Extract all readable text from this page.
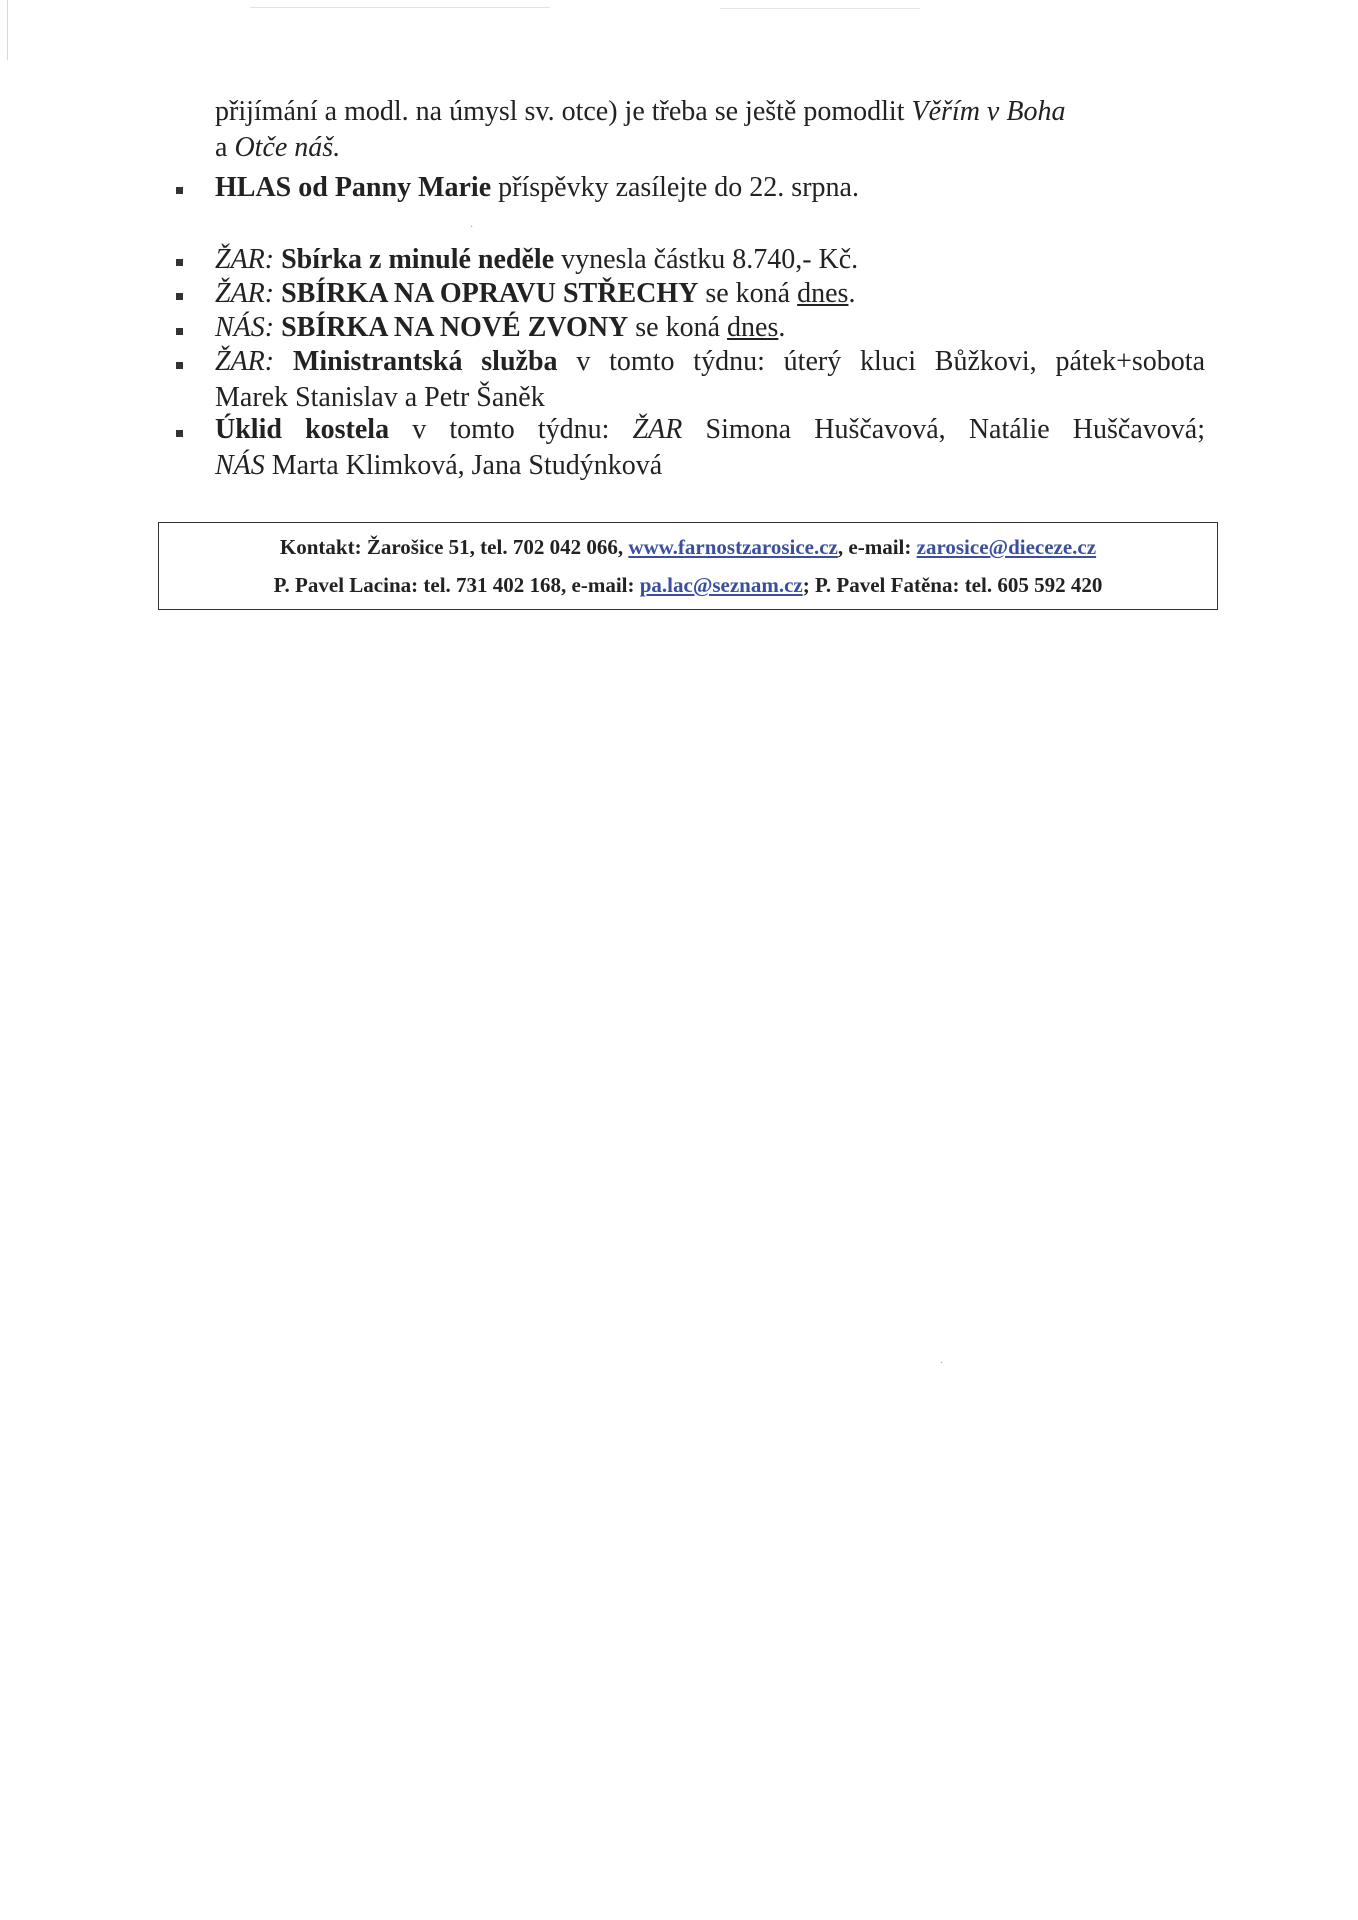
·
·
přijímání a modl. na úmysl sv. otce) je třeba se ještě pomodlit Věřím v Boha
a Otče náš.
HLAS od Panny Marie příspěvky zasílejte do 22. srpna.
ŽAR: Sbírka z minulé neděle vynesla částku 8.740,- Kč.
ŽAR: SBÍRKA NA OPRAVU STŘECHY se koná dnes.
NÁS: SBÍRKA NA NOVÉ ZVONY se koná dnes.
ŽAR: Ministrantská služba v tomto týdnu: úterý kluci Bůžkovi, pátek+sobota
Marek Stanislav a Petr Šaněk
Úklid kostela v tomto týdnu: ŽAR Simona Huščavová, Natálie Huščavová;
NÁS Marta Klimková, Jana Studýnková
Kontakt: Žarošice 51, tel. 702 042 066, www.farnostzarosice.cz, e-mail: zarosice@dieceze.cz
P. Pavel Lacina: tel. 731 402 168, e-mail: pa.lac@seznam.cz; P. Pavel Fatěna: tel. 605 592 420
